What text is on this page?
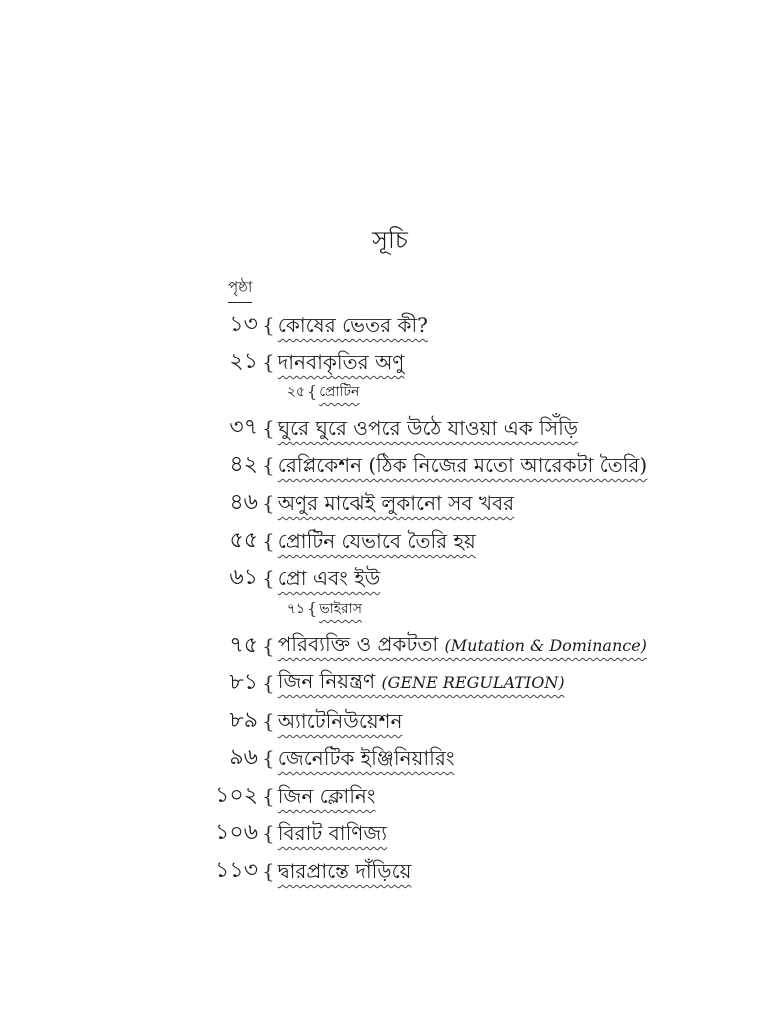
সূচি
পৃষ্ঠা
১৩ { কোষের ভেতর কী?
২১ { দানবাকৃতির অণু
২৫ { প্রোটিন
৩৭ { ঘুরে ঘুরে ওপরে উঠে যাওয়া এক সিঁড়ি
৪২ { রেপ্লিকেশন (ঠিক নিজের মতো আরেকটা তৈরি)
৪৬ { অণুর মাঝেই লুকানো সব খবর
৫৫ { প্রোটিন যেভাবে তৈরি হয়
৬১ { প্রো এবং ইউ
৭১ { ভাইরাস
৭৫ { পরিব্যক্তি ও প্রকটতা (Mutation & Dominance)
৮১ { জিন নিয়ন্ত্রণ (GENE REGULATION)
৮৯ { অ্যাটেনিউয়েশন
৯৬ { জেনেটিক ইঞ্জিনিয়ারিং
১০২ { জিন ক্লোনিং
১০৬ { বিরাট বাণিজ্য
১১৩ { দ্বারপ্রান্তে দাঁড়িয়ে
